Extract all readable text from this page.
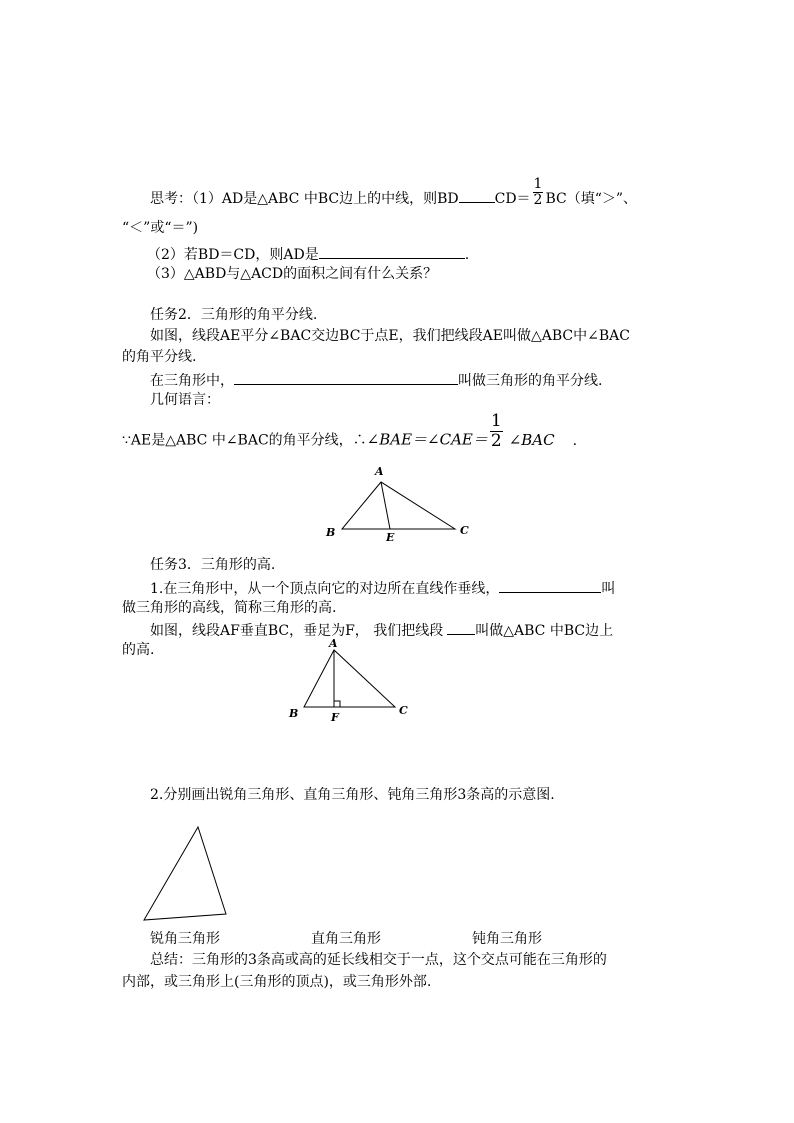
思考：（1）AD是△ABC 中BC边上的中线，则BD	$CD= \frac{1}{2} BC$（填“＞”、
“＜”或“＝”)
（2）若BD＝CD，则AD是	.
（3）△ABD与△ACD的面积之间有什么关系？
任务2．三角形的角平分线.
如图，线段AE平分∠BAC交边BC于点E，我们把线段AE叫做△ABC中∠BAC
的角平分线.
在三角形中，	叫做三角形的角平分线.
几何语言：
∵AE是△ABC 中∠BAC的角平分线，∴∠BAE＝∠CAE＝ $\frac{1}{2}$ ∠BAC .
A
B	C
E
任务3．三角形的高.
1.在三角形中，从一个顶点向它的对边所在直线作垂线，	叫
做三角形的高线，简称三角形的高.
如图，线段AF垂直BC，垂足为F， 我们把线段 叫做△ABC 中BC边上
的高.	A
B	C
F
2.分别画出锐角三角形、直角三角形、钝角三角形3条高的示意图.
锐角三角形	直角三角形	钝角三角形
总结：三角形的3条高或高的延长线相交于一点，这个交点可能在三角形的
内部，或三角形上(三角形的顶点)，或三角形外部.
